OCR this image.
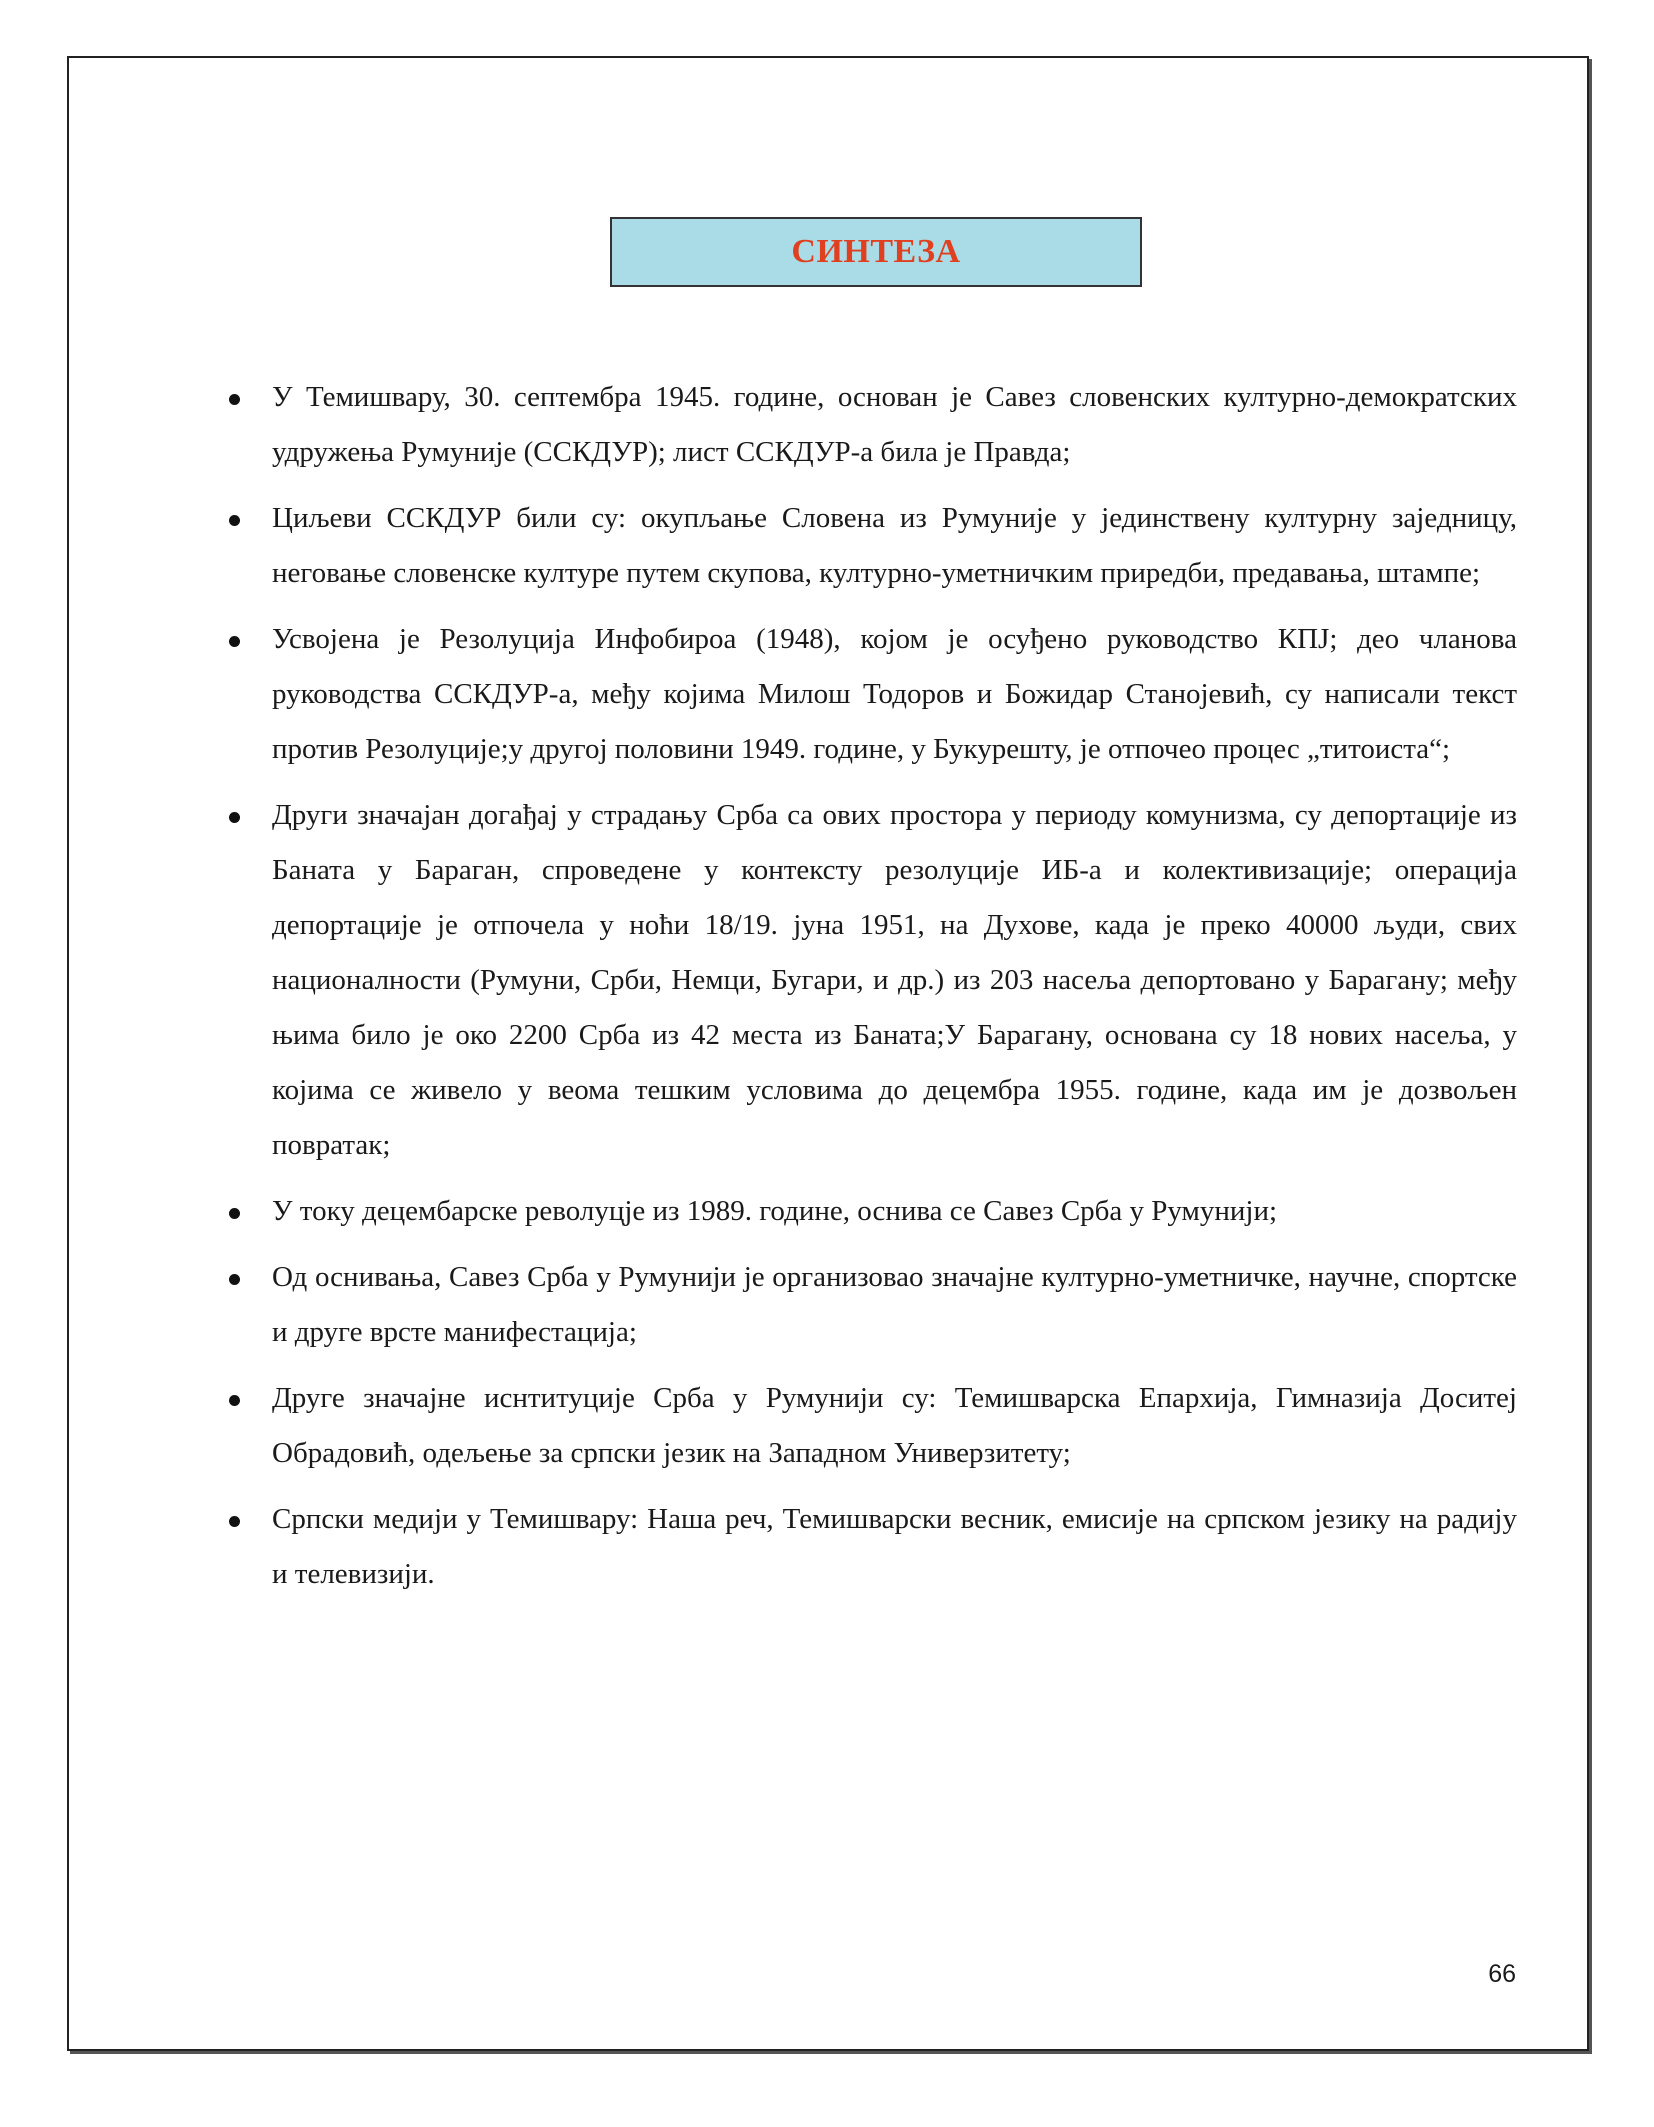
СИНТЕЗА
У Темишвару, 30. септембра 1945. године, основан је Савез словенских културно-демократских удружења Румуније (ССКДУР); лист ССКДУР-а била је Правда;
Циљеви ССКДУР били су: окупљање Словена из Румуније у јединствену културну заједницу, неговање словенске културе путем скупова, културно-уметничким приредби, предавања, штампе;
Усвојена је Резолуција Инфобироа (1948), којом је осуђено руководство КПЈ; део чланова руководства ССКДУР-а, међу којима Милош Тодоров и Божидар Станојевић, су написали текст против Резолуције;у другој половини 1949. године, у Букурешту, је отпочео процес „титоиста“;
Други значајан догађај у страдању Срба са ових простора у периоду комунизма, су депортације из Баната у Бараган, спроведене у контексту резолуције ИБ-а и колективизације; операција депортације је отпочела у ноћи 18/19. јуна 1951, на Духове, када је преко 40000 људи, свих националности (Румуни, Срби, Немци, Бугари, и др.) из 203 насеља депортовано у Барагану; међу њима било је око 2200 Срба из 42 места из Баната;У Барагану, основана су 18 нових насеља, у којима се живело у веома тешким условима до децембра 1955. године, када им је дозвољен повратак;
У току децембарске револуцје из 1989. године, оснива се Савез Срба у Румунији;
Од оснивања, Савез Срба у Румунији је организовао значајне културно-уметничке, научне, спортске и друге врсте манифестација;
Друге значајне иснтитуције Срба у Румунији су: Темишварска Епархија, Гимназија Доситеј Обрадовић, одељење за српски језик на Западном Универзитету;
Српски медији у Темишвару: Наша реч, Темишварски весник, емисије на српском језику на радију и телевизији.
66
